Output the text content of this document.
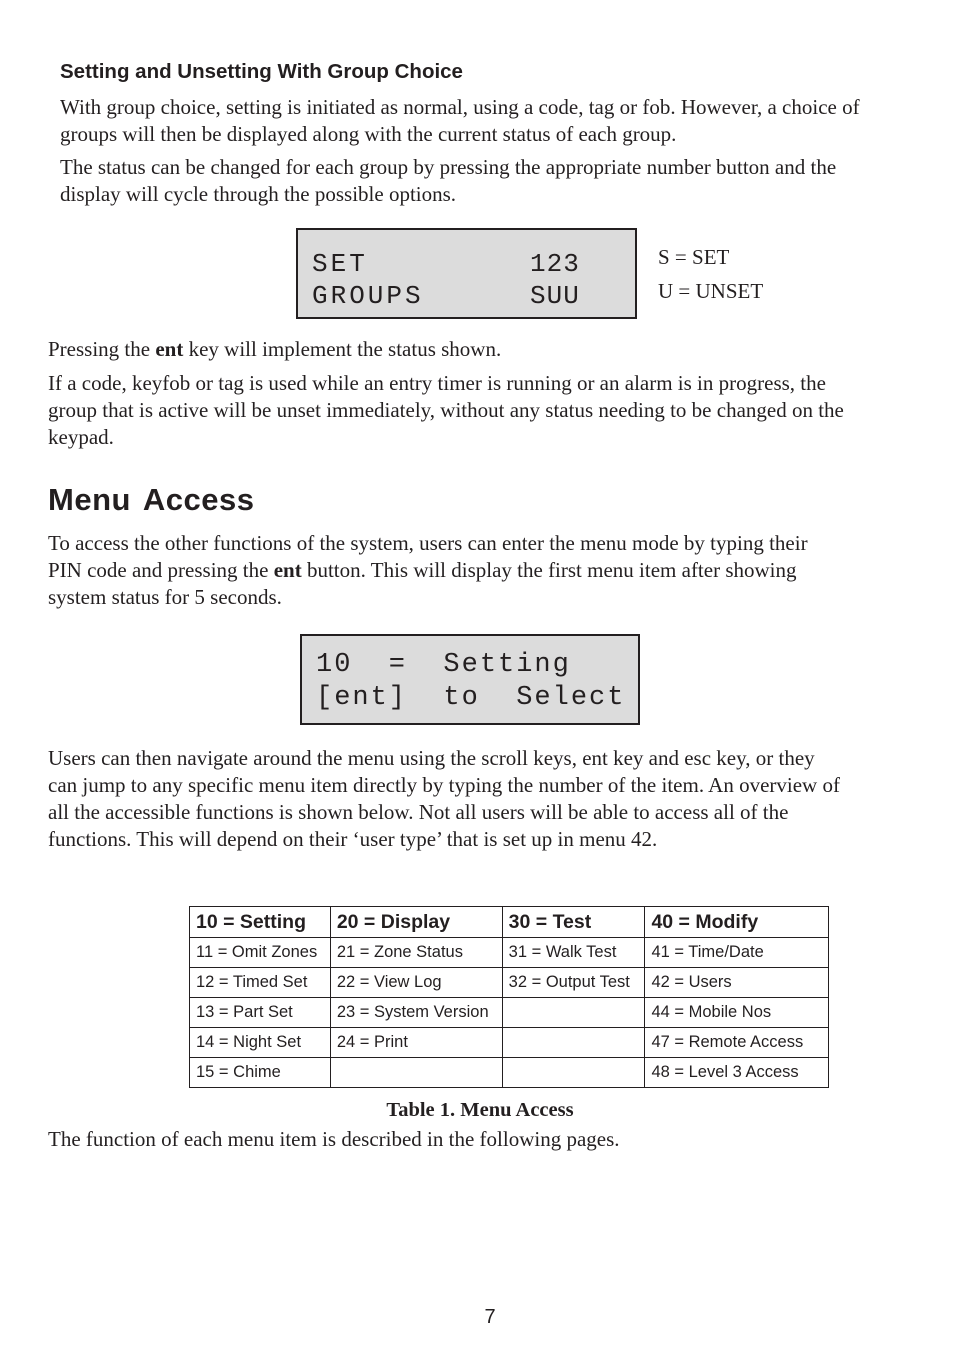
Setting and Unsetting With Group Choice

With group choice, setting is initiated as normal, using a code, tag or fob. However, a choice of

groups will then be displayed along with the current status of each group.

The status can be changed for each group by pressing the appropriate number button and the

display will cycle through the possible options.

SET	123
GROUPS	SUU
S = SET
U = UNSET

Pressing the ent key will implement the status shown.

If a code, keyfob or tag is used while an entry timer is running or an alarm is in progress, the

group that is active will be unset immediately, without any status needing to be changed on the

keypad.

Menu Access

To access the other functions of the system, users can enter the menu mode by typing their

PIN code and pressing the ent button. This will display the first menu item after showing

system status for 5 seconds.

10  =  Setting
[ent]  to  Select

Users can then navigate around the menu using the scroll keys, ent key and esc key, or they

can jump to any specific menu item directly by typing the number of the item. An overview of

all the accessible functions is shown below. Not all users will be able to access all of the

functions. This will depend on their ‘user type’ that is set up in menu 42.

10 = Setting	20 = Display	30 = Test	40 = Modify
11 = Omit Zones	21 = Zone Status	31 = Walk Test	41 = Time/Date
12 = Timed Set	22 = View Log	32 = Output Test	42 = Users
13 = Part Set	23 = System Version		44 = Mobile Nos
14 = Night Set	24 = Print		47 = Remote Access
15 = Chime			48 = Level 3 Access

Table 1. Menu Access

The function of each menu item is described in the following pages.

7
